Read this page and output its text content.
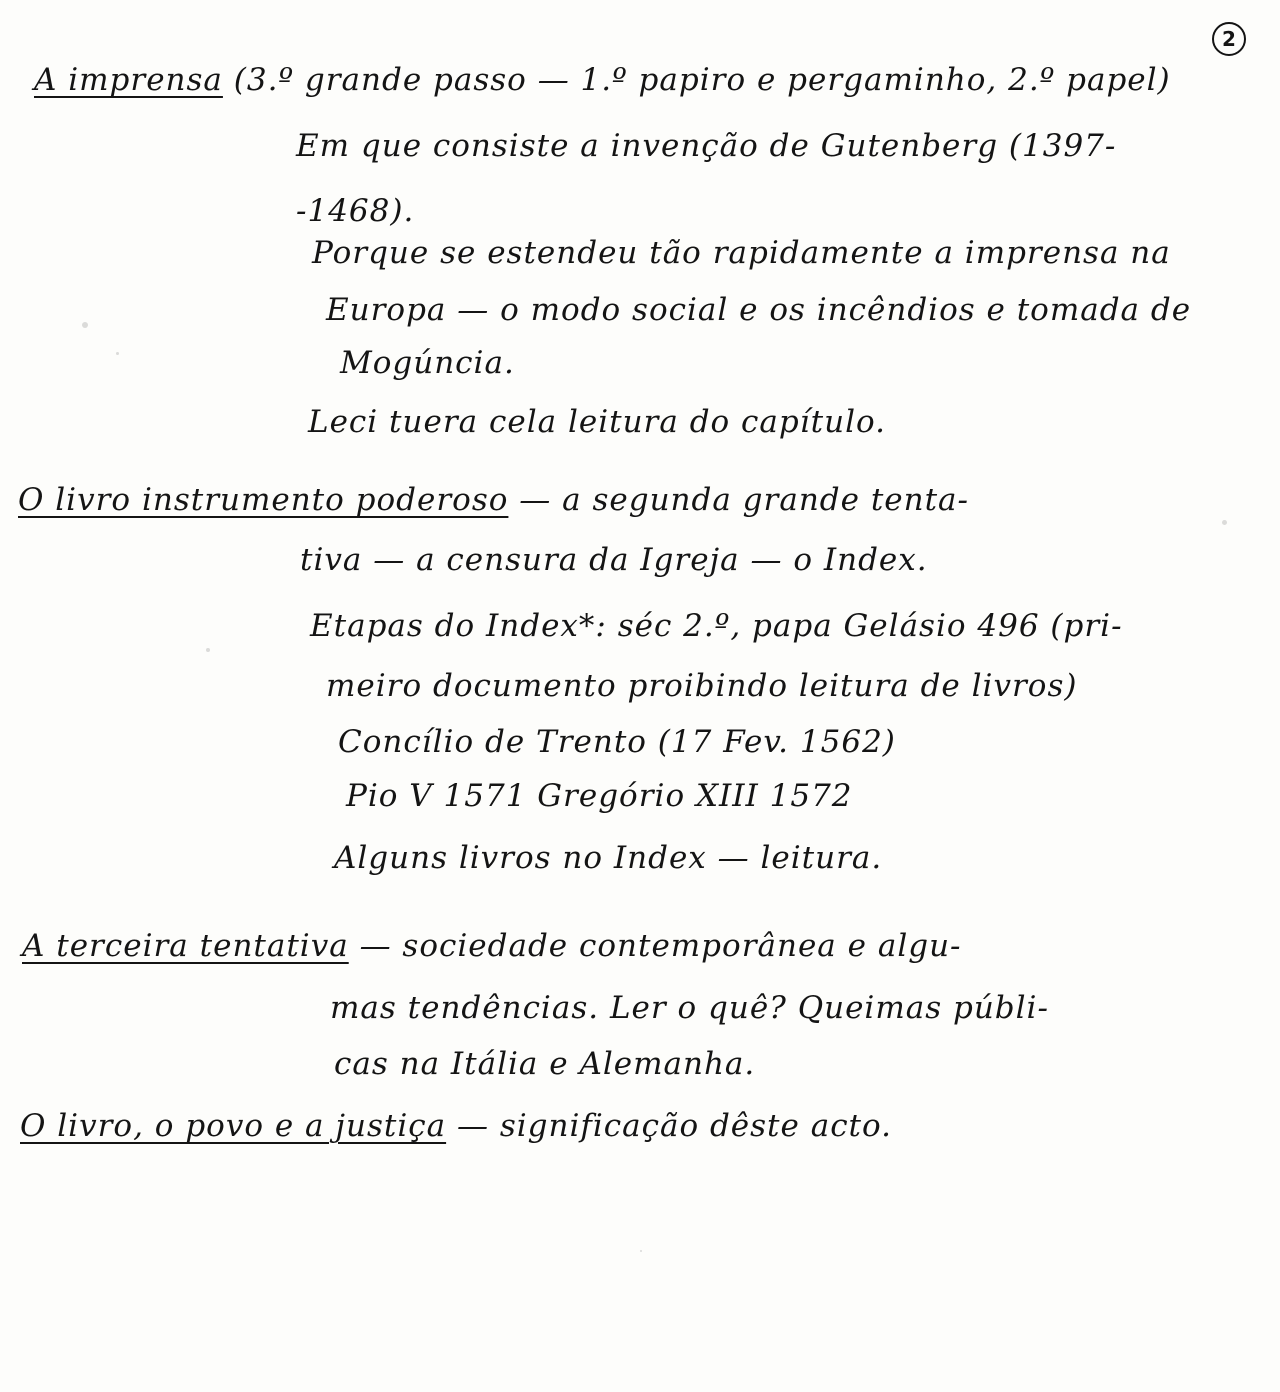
2
A imprensa (3.º grande passo — 1.º papiro e pergaminho, 2.º papel)
Em que consiste a invenção de Gutenberg (1397-
-1468).
Porque se estendeu tão rapidamente a imprensa na
Europa — o modo social e os incêndios e tomada de
Mogúncia.
Leci tuera cela leitura do capítulo.
O livro instrumento poderoso — a segunda grande tenta-
tiva — a censura da Igreja — o Index.
Etapas do Index*: séc 2.º, papa Gelásio 496 (pri-
meiro documento proibindo leitura de livros)
Concílio de Trento (17 Fev. 1562)
Pio V 1571 Gregório XIII 1572
Alguns livros no Index — leitura.
A terceira tentativa — sociedade contemporânea e algu-
mas tendências. Ler o quê? Queimas públi-
cas na Itália e Alemanha.
O livro, o povo e a justiça — significação dêste acto.
